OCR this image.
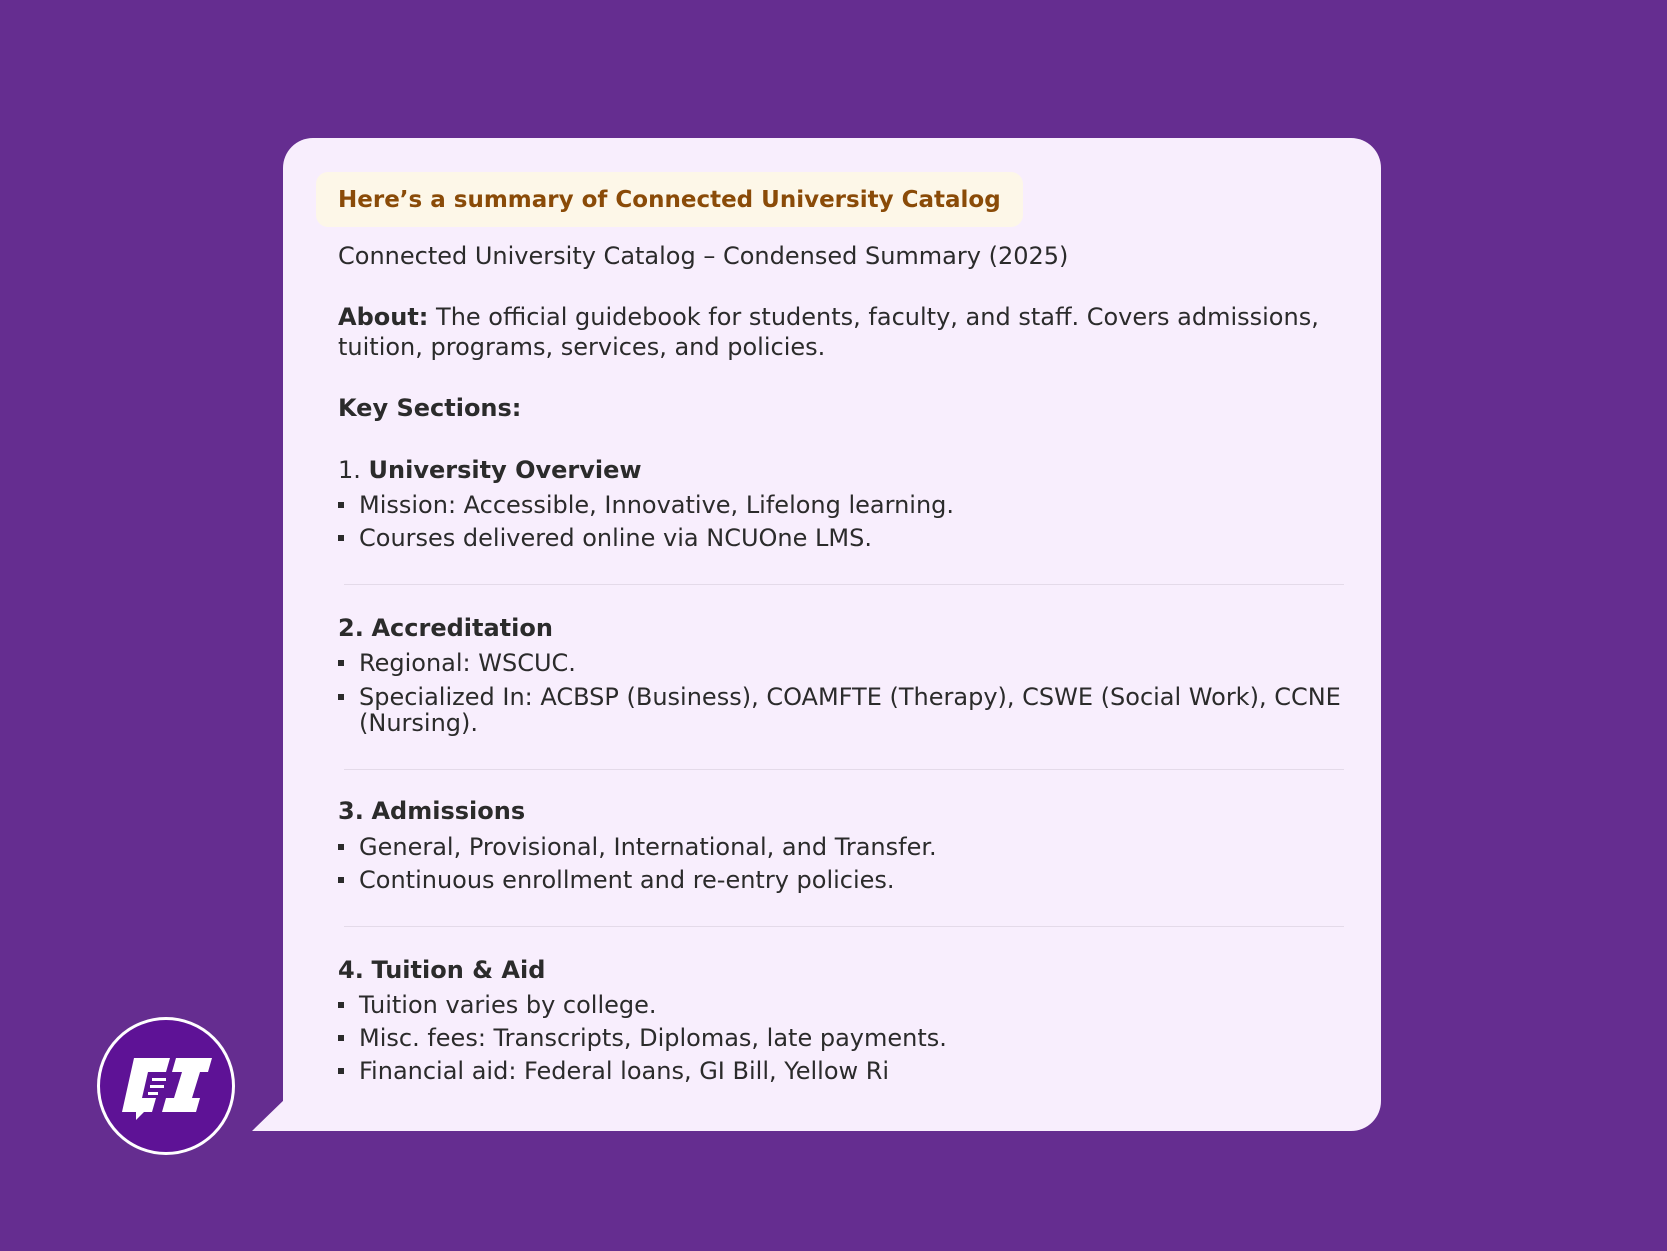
Here’s a summary of Connected University Catalog
Connected University Catalog – Condensed Summary (2025)
About: The official guidebook for students, faculty, and staff. Covers admissions, tuition, programs, services, and policies.
Key Sections:
1. University Overview
Mission: Accessible, Innovative, Lifelong learning.
Courses delivered online via NCUOne LMS.
2. Accreditation
Regional: WSCUC.
Specialized In: ACBSP (Business), COAMFTE (Therapy), CSWE (Social Work), CCNE (Nursing).
3. Admissions
General, Provisional, International, and Transfer.
Continuous enrollment and re-entry policies.
4. Tuition & Aid
Tuition varies by college.
Misc. fees: Transcripts, Diplomas, late payments.
Financial aid: Federal loans, GI Bill, Yellow Ri
